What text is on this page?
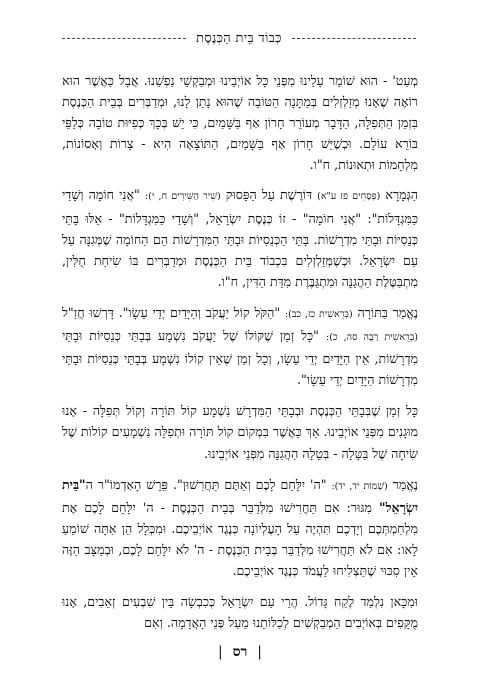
כְּבוֹד בֵּית הַכְּנֶסֶת

מְעַט' - הוּא שׁוֹמֵר עָלֵינוּ מִפְּנֵי כָּל אוֹיְבֵינוּ וּמְבַקְשֵׁי נַפְשֵׁנוּ. אֲבָל כַּאֲשֶׁר הוּא רוֹאֶה שֶׁאָנוּ מְזַלְזְלִים בְּמַתָּנָה הַטּוֹבָה שֶׁהוּא נָתַן לָנוּ, וּמְדַבְּרִים בְּבֵית הַכְּנֶסֶת בִּזְמַן הַתְּפִלָּה, הַדָּבָר מְעוֹרֵר חָרוֹן אַף בַּשָּׁמַיִם, כִּי יֵשׁ בְּכָךְ כְּפִיּוּת טוֹבָה כְּלַפֵּי בּוֹרֵא עוֹלָם. וּכְשֶׁיֵּשׁ חָרוֹן אַף בַּשָּׁמַיִם, הַתּוֹצָאָה הִיא - צָרוֹת וְאָסוֹנוֹת, מִלְחָמוֹת וּתְאוּנוֹת, ח"ו.

הַגְּמָרָא (פְּסָחִים פז ע"א) דּוֹרֶשֶׁת עַל הַפָּסוּק (שִׁיר הַשִּׁירִים ח, י): "אֲנִי חוֹמָה וְשָׁדַי כַּמִּגְדָּלוֹת": "אֲנִי חוֹמָה" - זוֹ כְּנֶסֶת יִשְׂרָאֵל, "וְשָׁדַי כַּמִּגְדָּלוֹת" - אֵלּוּ בָּתֵּי כְּנֵסִיּוֹת וּבָתֵּי מִדְרָשׁוֹת. בָּתֵּי הַכְּנֵסִיּוֹת וּבָתֵּי הַמִּדְרָשׁוֹת הֵם הַחוֹמָה שֶׁמְּגִנָּה עַל עַם יִשְׂרָאֵל. וּכְשֶׁמְּזַלְזְלִים בִּכְבוֹד בֵּית הַכְּנֶסֶת וּמְדַבְּרִים בּוֹ שִׂיחַת חֻלִּין, מִתְבַּטֶּלֶת הַהֲגַנָּה וּמִתְגַּבֶּרֶת מִדַּת הַדִּין, ח"ו.

נֶאֱמַר בַּתּוֹרָה (בְּרֵאשִׁית כז, כב): "הַקֹּל קוֹל יַעֲקֹב וְהַיָּדַיִם יְדֵי עֵשָׂו". דָּרְשׁוּ חֲזַ"ל (בְּרֵאשִׁית רַבָּה סה, כ): "כָּל זְמַן שֶׁקּוֹלוֹ שֶׁל יַעֲקֹב נִשְׁמָע בְּבָתֵּי כְּנֵסִיּוֹת וּבָתֵּי מִדְרָשׁוֹת, אֵין הַיָּדַיִם יְדֵי עֵשָׂו, וְכָל זְמַן שֶׁאֵין קוֹלוֹ נִשְׁמָע בְּבָתֵּי כְּנֵסִיּוֹת וּבָתֵּי מִדְרָשׁוֹת הַיָּדַיִם יְדֵי עֵשָׂו".

כָּל זְמַן שֶׁבְּבָתֵּי הַכְּנֶסֶת וּבְבָתֵּי הַמִּדְרָשׁ נִשְׁמָע קוֹל תּוֹרָה וְקוֹל תְּפִלָּה - אָנוּ מוּגָנִים מִפְּנֵי אוֹיְבֵינוּ. אַךְ כַּאֲשֶׁר בִּמְקוֹם קוֹל תּוֹרָה וּתְפִלָּה נִשְׁמָעִים קוֹלוֹת שֶׁל שִׂיחָה שֶׁל בַּטָּלָה - בְּטֵלָה הַהֲגַנָּה מִפְּנֵי אוֹיְבֵינוּ.

נֶאֱמַר (שְׁמוֹת יד, יד): "ה' יִלָּחֵם לָכֶם וְאַתֶּם תַּחֲרִשׁוּן". פֵּרֵשׁ הָאַדְמוֹ"ר ה"בֵּית יִשְׂרָאֵל" מִגּוּר: אִם תַּחֲרִישׁוּ מִלְּדַבֵּר בְּבֵית הַכְּנֶסֶת - ה' יִלָּחֵם לָכֶם אֶת מִלְחַמְתְּכֶם וְיָדְכֶם תִּהְיֶה עַל הָעֶלְיוֹנָה כְּנֶגֶד אוֹיְבֵיכֶם. וּמִכְּלָל הֵן אַתָּה שׁוֹמֵעַ לָאו: אִם לֹא תַּחֲרִישׁוּ מִלְּדַבֵּר בְּבֵית הַכְּנֶסֶת - ה' לֹא יִלָּחֵם לָכֶם, וּבְמַצָּב הַזֶּה אֵין סִכּוּי שֶׁתַּצְלִיחוּ לַעֲמֹד כְּנֶגֶד אוֹיְבֵיכֶם.

וּמִכָּאן נִלְמַד לֶקַח גָּדוֹל. הֲרֵי עַם יִשְׂרָאֵל כְּכִבְשָׂה בֵּין שִׁבְעִים זְאֵבִים, אָנוּ מֻקָּפִים בְּאוֹיְבִים הַמְבַקְשִׁים לְכַלּוֹתֵנוּ מֵעַל פְּנֵי הָאֲדָמָה. וְאִם

| רס |
